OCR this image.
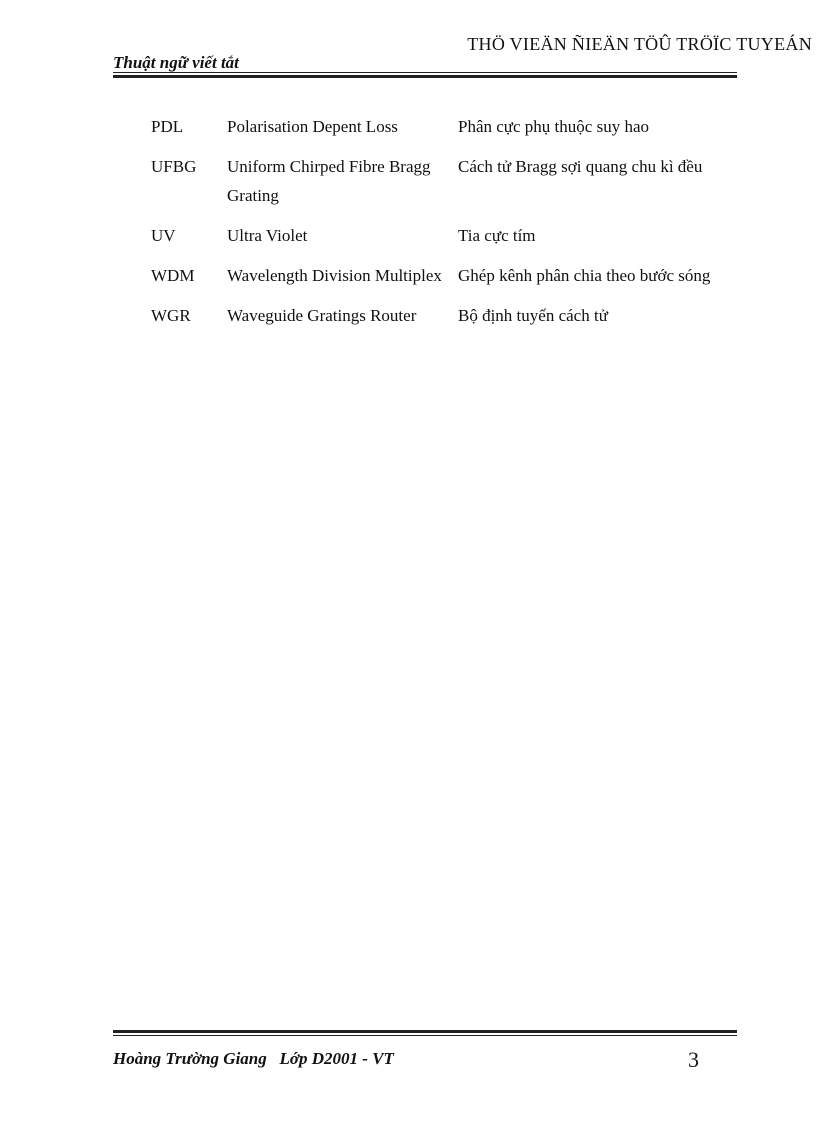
THÖ VIEÄN ÑIEÄN TÖÛ TRÖÏC TUYEÁN
Thuật ngữ viết tắt
PDL	Polarisation Depent Loss	Phân cực phụ thuộc suy hao
UFBG	Uniform Chirped Fibre Bragg Grating	Cách tử Bragg sợi quang chu kì đều
UV	Ultra Violet	Tia cực tím
WDM	Wavelength Division Multiplex	Ghép kênh phân chia theo bước sóng
WGR	Waveguide Gratings Router	Bộ định tuyến cách tử
Hoàng Trường Giang   Lớp D2001 - VT	3
